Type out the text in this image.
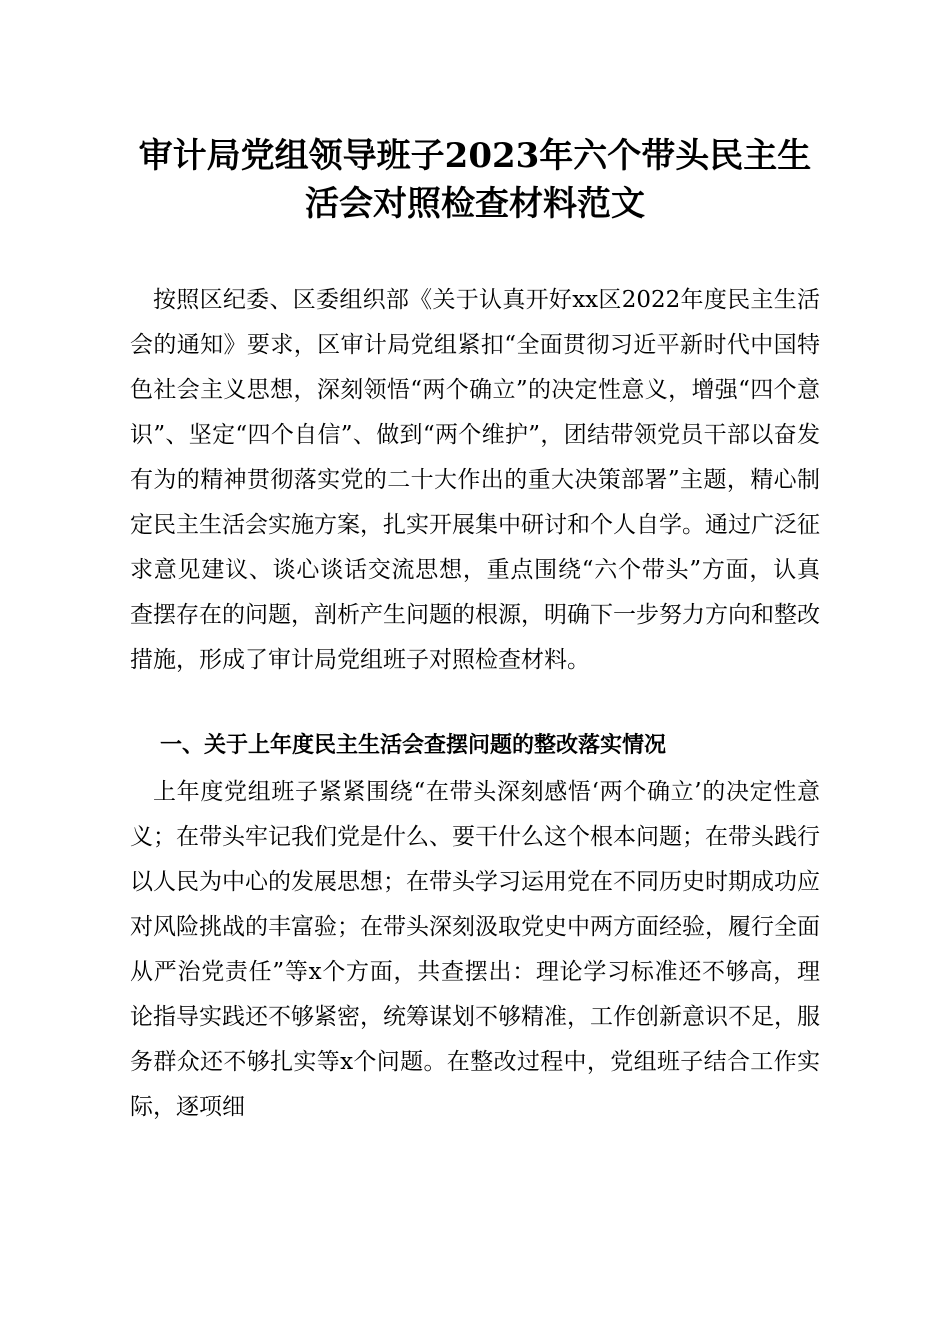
审计局党组领导班子2023年六个带头民主生
活会对照检查材料范文

按照区纪委、区委组织部《关于认真开好xx区2022年度民主生活会的通知》要求，区审计局党组紧扣“全面贯彻习近平新时代中国特色社会主义思想，深刻领悟“两个确立”的决定性意义，增强“四个意识”、坚定“四个自信”、做到“两个维护”，团结带领党员干部以奋发有为的精神贯彻落实党的二十大作出的重大决策部署”主题，精心制定民主生活会实施方案，扎实开展集中研讨和个人自学。通过广泛征求意见建议、谈心谈话交流思想，重点围绕“六个带头”方面，认真查摆存在的问题，剖析产生问题的根源，明确下一步努力方向和整改措施，形成了审计局党组班子对照检查材料。

一、关于上年度民主生活会查摆问题的整改落实情况

上年度党组班子紧紧围绕“在带头深刻感悟‘两个确立’的决定性意义；在带头牢记我们党是什么、要干什么这个根本问题；在带头践行以人民为中心的发展思想；在带头学习运用党在不同历史时期成功应对风险挑战的丰富验；在带头深刻汲取党史中两方面经验，履行全面从严治党责任”等x个方面，共查摆出：理论学习标准还不够高，理论指导实践还不够紧密，统筹谋划不够精准，工作创新意识不足，服务群众还不够扎实等x个问题。在整改过程中，党组班子结合工作实际，逐项细
